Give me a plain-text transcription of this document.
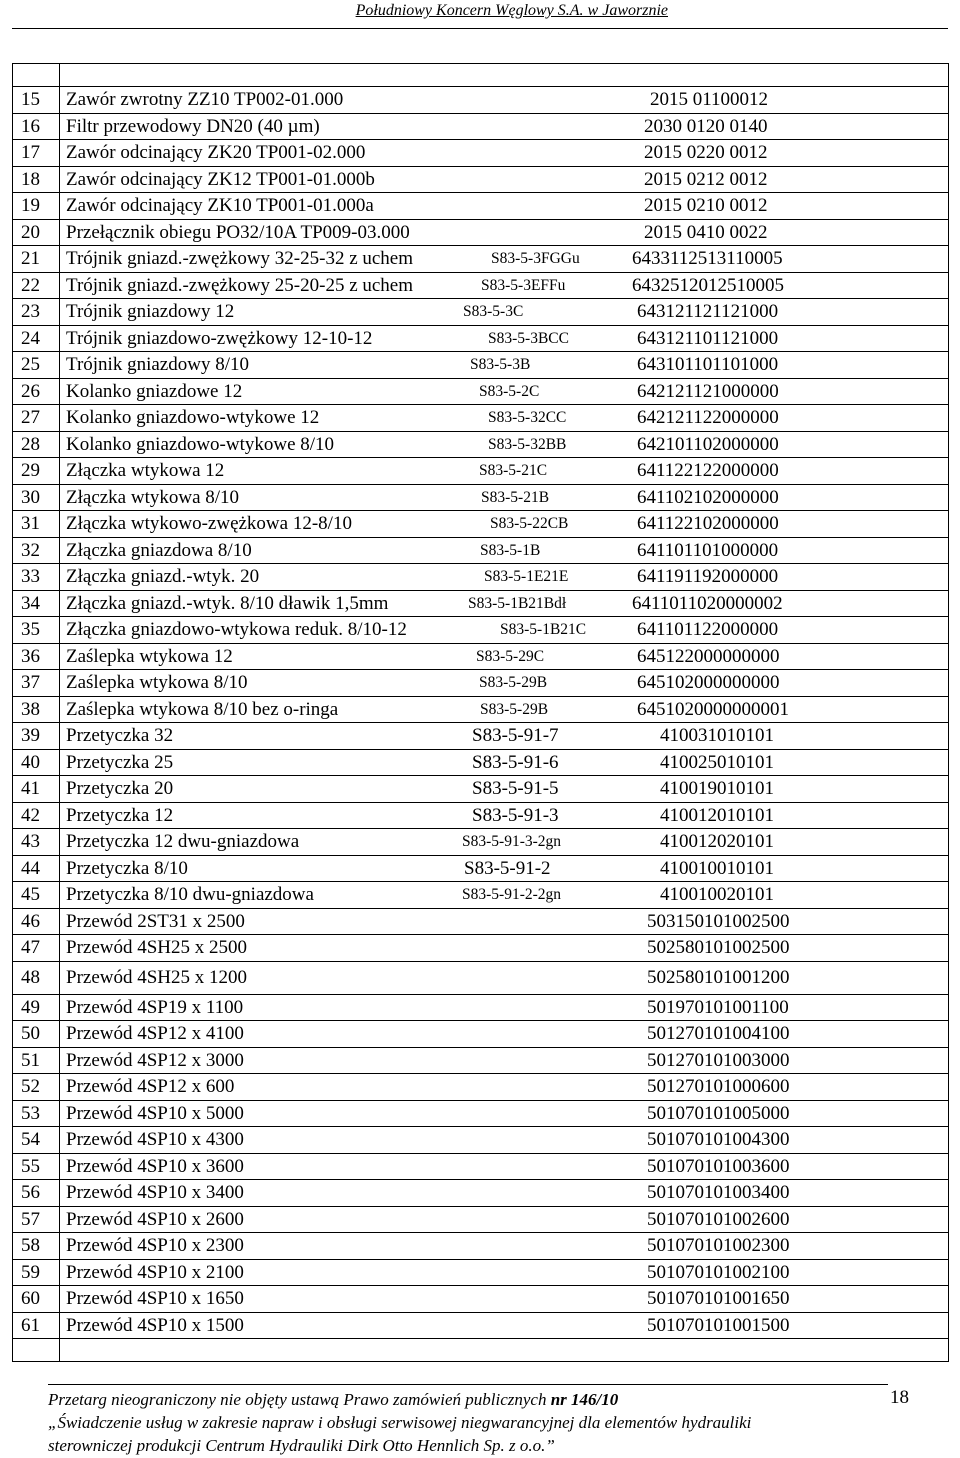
Południowy Koncern Węglowy S.A. w Jaworznie

15	Zawór zwrotny ZZ10 TP002-01.000 2015 01100012

16	Filtr przewodowy DN20 (40 µm) 2030 0120 0140

17	Zawór odcinający ZK20 TP001-02.000 2015 0220 0012

18	Zawór odcinający ZK12 TP001-01.000b 2015 0212 0012

19	Zawór odcinający ZK10 TP001-01.000a 2015 0210 0012

20	Przełącznik obiegu PO32/10A TP009-03.000 2015 0410 0022

21	Trójnik gniazd.-zwężkowy 32-25-32 z uchem S83-5-3FGGu 6433112513110005

22	Trójnik gniazd.-zwężkowy 25-20-25 z uchem S83-5-3EFFu 6432512012510005

23	Trójnik gniazdowy 12 S83-5-3C 643121121121000

24	Trójnik gniazdowo-zwężkowy 12-10-12 S83-5-3BCC 643121101121000

25	Trójnik gniazdowy 8/10 S83-5-3B 643101101101000

26	Kolanko gniazdowe 12 S83-5-2C 642121121000000

27	Kolanko gniazdowo-wtykowe 12 S83-5-32CC 642121122000000

28	Kolanko gniazdowo-wtykowe 8/10 S83-5-32BB 642101102000000

29	Złączka wtykowa 12 S83-5-21C 641122122000000

30	Złączka wtykowa 8/10 S83-5-21B 641102102000000

31	Złączka wtykowo-zwężkowa 12-8/10 S83-5-22CB 641122102000000

32	Złączka gniazdowa 8/10 S83-5-1B 641101101000000

33	Złączka gniazd.-wtyk. 20 S83-5-1E21E 641191192000000

34	Złączka gniazd.-wtyk. 8/10 dławik 1,5mm S83-5-1B21Bdł 6411011020000002

35	Złączka gniazdowo-wtykowa reduk. 8/10-12 S83-5-1B21C 641101122000000

36	Zaślepka wtykowa 12 S83-5-29C 645122000000000

37	Zaślepka wtykowa 8/10 S83-5-29B 645102000000000

38	Zaślepka wtykowa 8/10 bez o-ringa S83-5-29B 6451020000000001

39	Przetyczka 32 S83-5-91-7 410031010101

40	Przetyczka 25 S83-5-91-6 410025010101

41	Przetyczka 20 S83-5-91-5 410019010101

42	Przetyczka 12 S83-5-91-3 410012010101

43	Przetyczka 12 dwu-gniazdowa S83-5-91-3-2gn 410012020101

44	Przetyczka 8/10 S83-5-91-2 410010010101

45	Przetyczka 8/10 dwu-gniazdowa S83-5-91-2-2gn 410010020101

46	Przewód 2ST31 x 2500 503150101002500

47	Przewód 4SH25 x 2500 502580101002500

48	Przewód 4SH25 x 1200 502580101001200

49	Przewód 4SP19 x 1100 501970101001100

50	Przewód 4SP12 x 4100 501270101004100

51	Przewód 4SP12 x 3000 501270101003000

52	Przewód 4SP12 x 600 501270101000600

53	Przewód 4SP10 x 5000 501070101005000

54	Przewód 4SP10 x 4300 501070101004300

55	Przewód 4SP10 x 3600 501070101003600

56	Przewód 4SP10 x 3400 501070101003400

57	Przewód 4SP10 x 2600 501070101002600

58	Przewód 4SP10 x 2300 501070101002300

59	Przewód 4SP10 x 2100 501070101002100

60	Przewód 4SP10 x 1650 501070101001650

61	Przewód 4SP10 x 1500 501070101001500

Przetarg nieograniczony nie objęty ustawą Prawo zamówień publicznych nr 146/10
„Świadczenie usług w zakresie napraw i obsługi serwisowej niegwarancyjnej dla elementów hydrauliki
sterowniczej produkcji Centrum Hydrauliki Dirk Otto Hennlich Sp. z o.o.”
18
